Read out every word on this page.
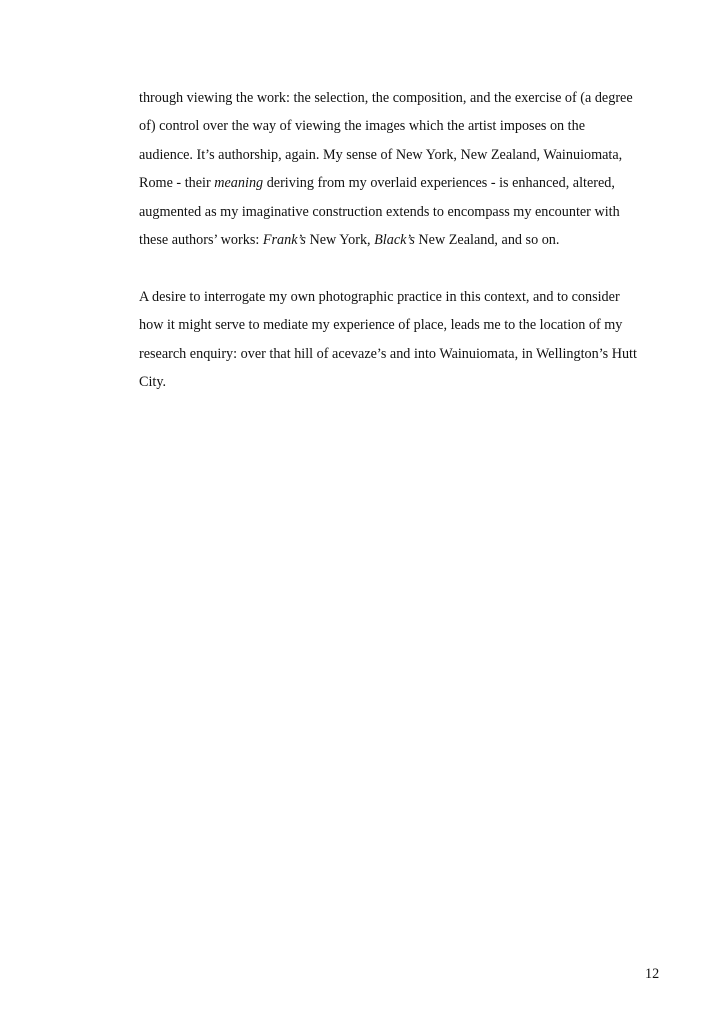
through viewing the work: the selection, the composition, and the exercise of (a degree
of) control over the way of viewing the images which the artist imposes on the
audience. It’s authorship, again. My sense of New York, New Zealand, Wainuiomata,
Rome - their meaning deriving from my overlaid experiences - is enhanced, altered,
augmented as my imaginative construction extends to encompass my encounter with
these authors’ works: Frank’s New York, Black’s New Zealand, and so on.

A desire to interrogate my own photographic practice in this context, and to consider
how it might serve to mediate my experience of place, leads me to the location of my
research enquiry: over that hill of acevaze’s and into Wainuiomata, in Wellington’s Hutt
City.

12
